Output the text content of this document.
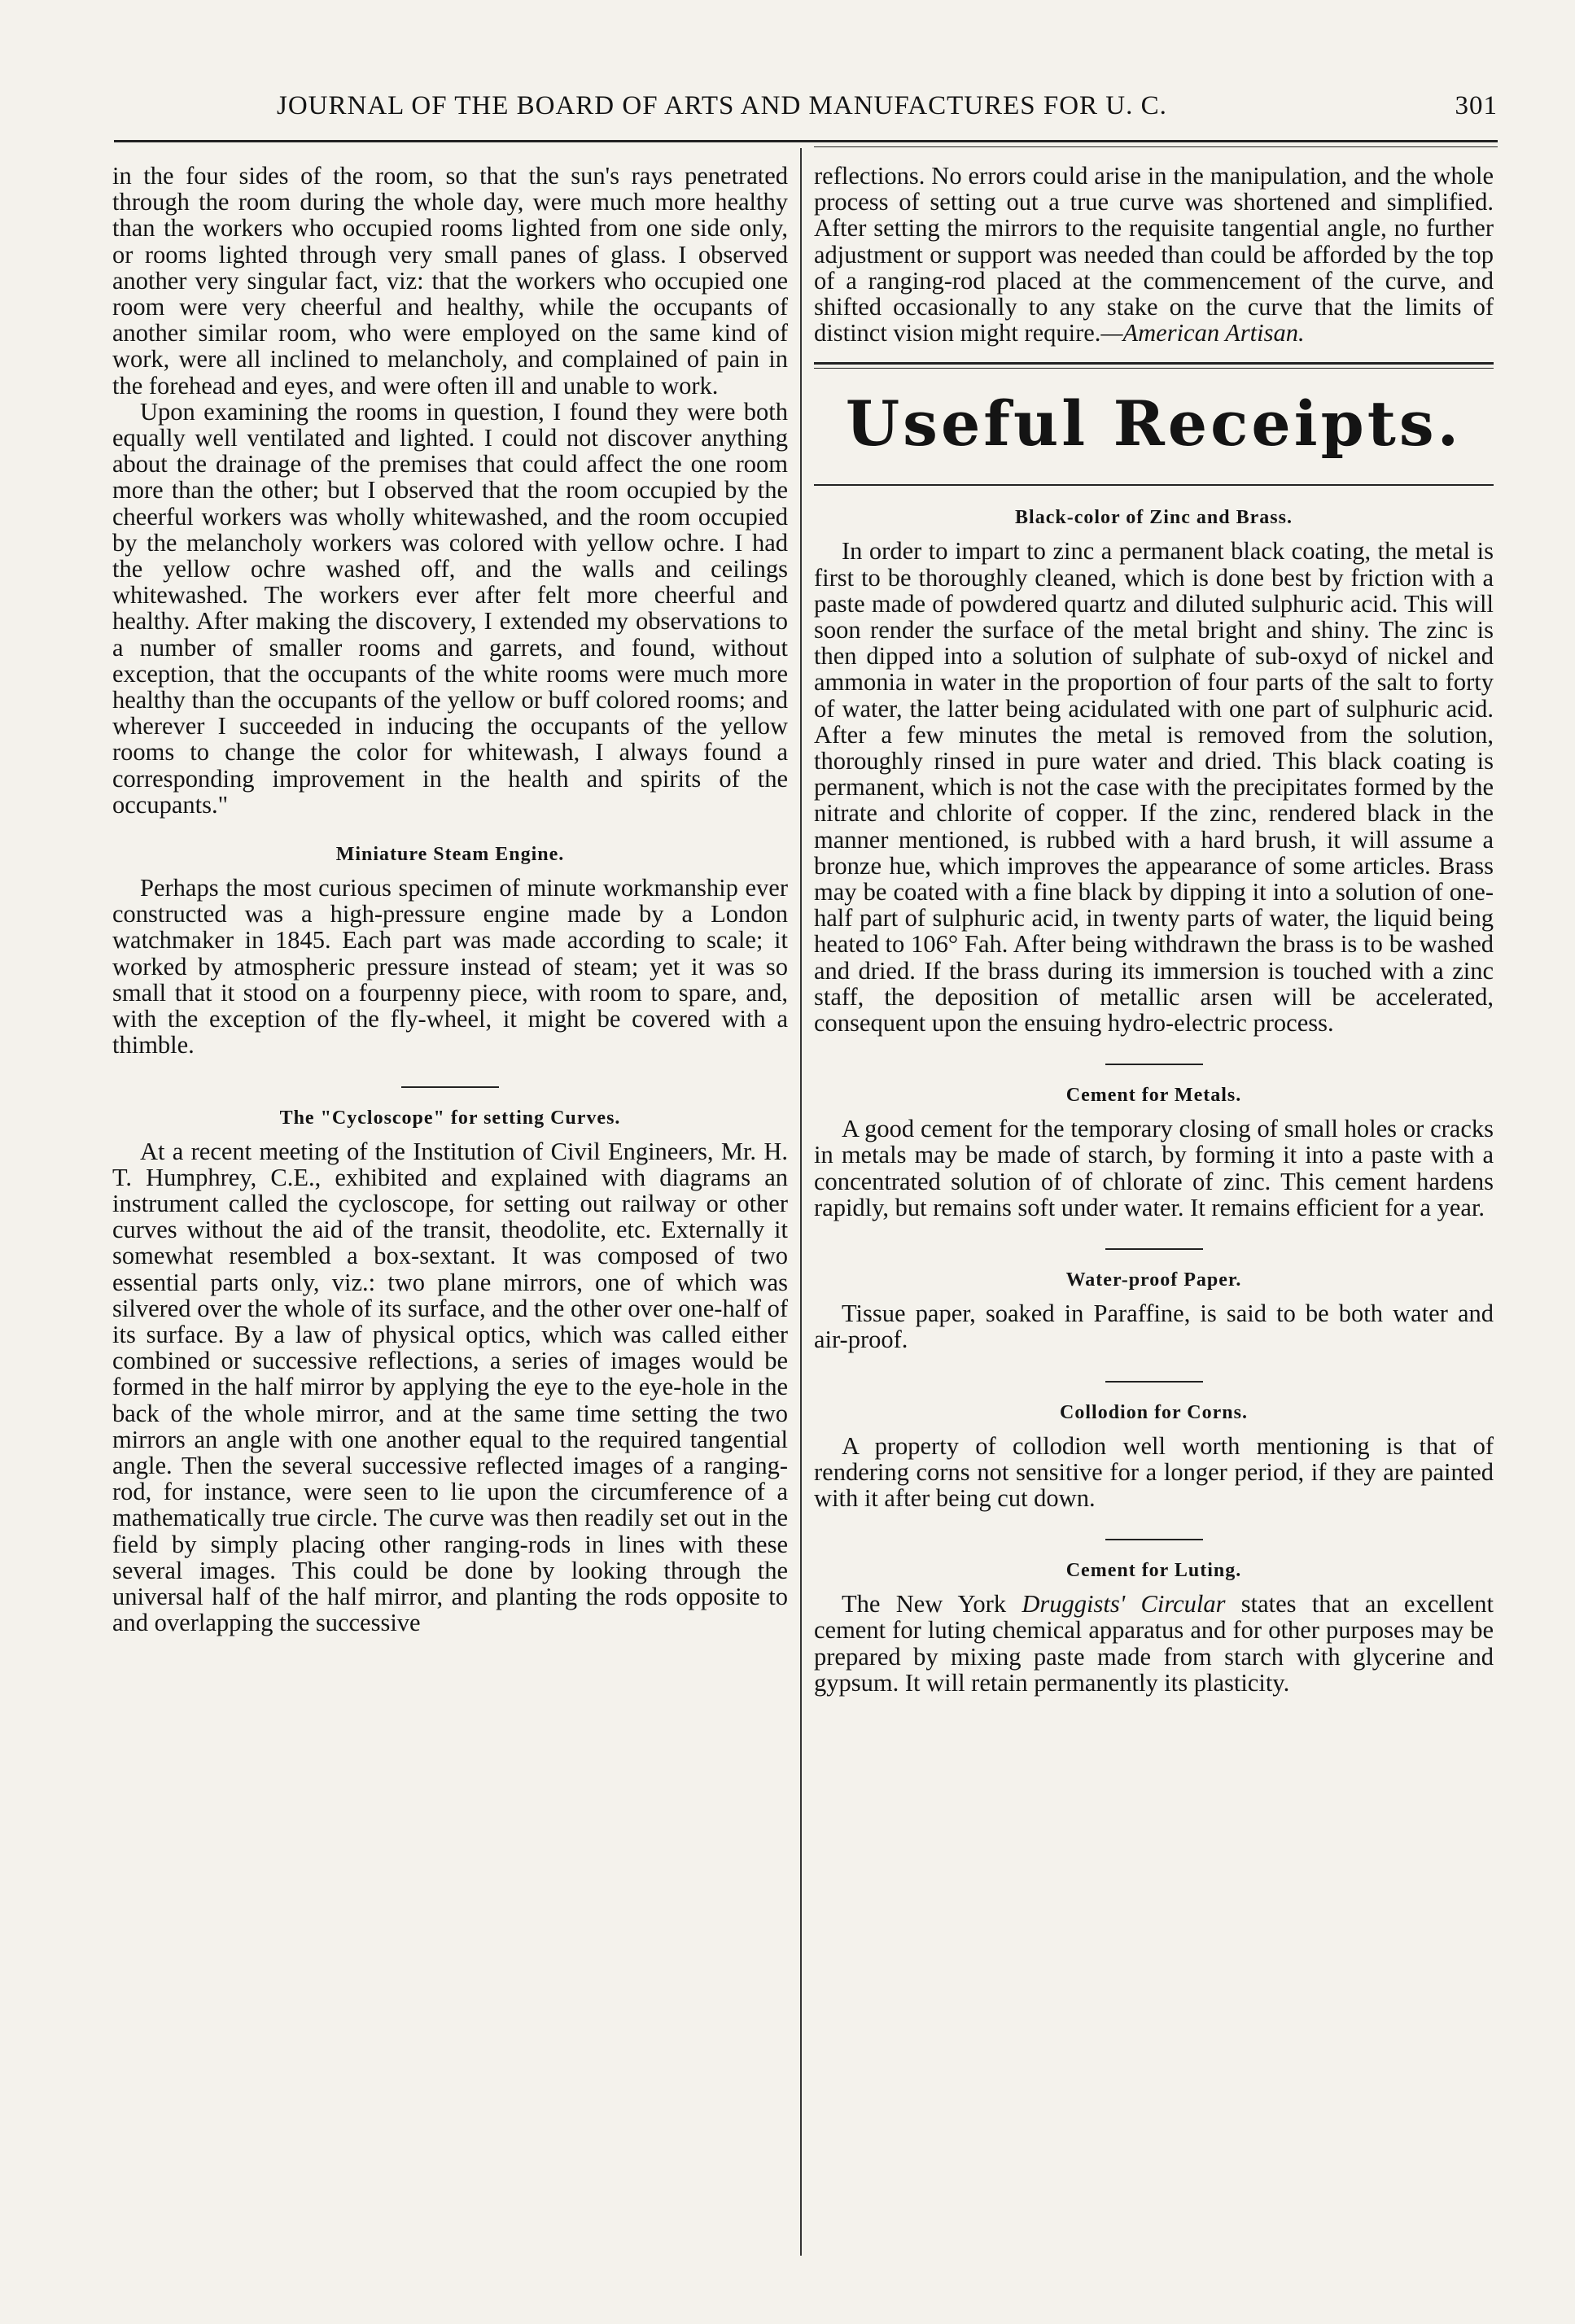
JOURNAL OF THE BOARD OF ARTS AND MANUFACTURES FOR U. C.	301

in the four sides of the room, so that the sun's rays penetrated through the room during the whole day, were much more healthy than the workers who occupied rooms lighted from one side only, or rooms lighted through very small panes of glass. I observed another very singular fact, viz: that the workers who occupied one room were very cheerful and healthy, while the occupants of another similar room, who were employed on the same kind of work, were all inclined to melancholy, and complained of pain in the forehead and eyes, and were often ill and unable to work.

Upon examining the rooms in question, I found they were both equally well ventilated and lighted. I could not discover anything about the drainage of the premises that could affect the one room more than the other; but I observed that the room occupied by the cheerful workers was wholly whitewashed, and the room occupied by the melancholy workers was colored with yellow ochre. I had the yellow ochre washed off, and the walls and ceilings whitewashed. The workers ever after felt more cheerful and healthy. After making the discovery, I extended my observations to a number of smaller rooms and garrets, and found, without exception, that the occupants of the white rooms were much more healthy than the occupants of the yellow or buff colored rooms; and wherever I succeeded in inducing the occupants of the yellow rooms to change the color for whitewash, I always found a corresponding improvement in the health and spirits of the occupants."

Miniature Steam Engine.

Perhaps the most curious specimen of minute workmanship ever constructed was a high-pressure engine made by a London watchmaker in 1845. Each part was made according to scale; it worked by atmospheric pressure instead of steam; yet it was so small that it stood on a fourpenny piece, with room to spare, and, with the exception of the fly-wheel, it might be covered with a thimble.

The "Cycloscope" for setting Curves.

At a recent meeting of the Institution of Civil Engineers, Mr. H. T. Humphrey, C.E., exhibited and explained with diagrams an instrument called the cycloscope, for setting out railway or other curves without the aid of the transit, theodolite, etc. Externally it somewhat resembled a box-sextant. It was composed of two essential parts only, viz.: two plane mirrors, one of which was silvered over the whole of its surface, and the other over one-half of its surface. By a law of physical optics, which was called either combined or successive reflections, a series of images would be formed in the half mirror by applying the eye to the eye-hole in the back of the whole mirror, and at the same time setting the two mirrors an angle with one another equal to the required tangential angle. Then the several successive reflected images of a ranging-rod, for instance, were seen to lie upon the circumference of a mathematically true circle. The curve was then readily set out in the field by simply placing other ranging-rods in lines with these several images. This could be done by looking through the universal half of the half mirror, and planting the rods opposite to and overlapping the successive

reflections. No errors could arise in the manipulation, and the whole process of setting out a true curve was shortened and simplified. After setting the mirrors to the requisite tangential angle, no further adjustment or support was needed than could be afforded by the top of a ranging-rod placed at the commencement of the curve, and shifted occasionally to any stake on the curve that the limits of distinct vision might require.—American Artisan.

Useful Receipts.
Black-color of Zinc and Brass.

In order to impart to zinc a permanent black coating, the metal is first to be thoroughly cleaned, which is done best by friction with a paste made of powdered quartz and diluted sulphuric acid. This will soon render the surface of the metal bright and shiny. The zinc is then dipped into a solution of sulphate of sub-oxyd of nickel and ammonia in water in the proportion of four parts of the salt to forty of water, the latter being acidulated with one part of sulphuric acid. After a few minutes the metal is removed from the solution, thoroughly rinsed in pure water and dried. This black coating is permanent, which is not the case with the precipitates formed by the nitrate and chlorite of copper. If the zinc, rendered black in the manner mentioned, is rubbed with a hard brush, it will assume a bronze hue, which improves the appearance of some articles. Brass may be coated with a fine black by dipping it into a solution of one-half part of sulphuric acid, in twenty parts of water, the liquid being heated to 106° Fah. After being withdrawn the brass is to be washed and dried. If the brass during its immersion is touched with a zinc staff, the deposition of metallic arsen will be accelerated, consequent upon the ensuing hydro-electric process.

Cement for Metals.

A good cement for the temporary closing of small holes or cracks in metals may be made of starch, by forming it into a paste with a concentrated solution of of chlorate of zinc. This cement hardens rapidly, but remains soft under water. It remains efficient for a year.

Water-proof Paper.

Tissue paper, soaked in Paraffine, is said to be both water and air-proof.

Collodion for Corns.

A property of collodion well worth mentioning is that of rendering corns not sensitive for a longer period, if they are painted with it after being cut down.

Cement for Luting.

The New York Druggists' Circular states that an excellent cement for luting chemical apparatus and for other purposes may be prepared by mixing paste made from starch with glycerine and gypsum. It will retain permanently its plasticity.
